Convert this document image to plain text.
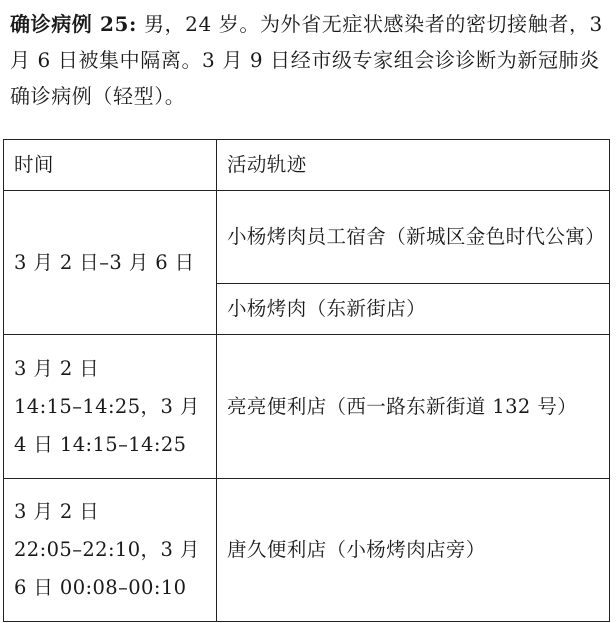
确诊病例 25: 男，24 岁。为外省无症状感染者的密切接触者，3 月 6 日被集中隔离。3 月 9 日经市级专家组会诊诊断为新冠肺炎确诊病例（轻型）。
时间	活动轨迹

3 月 2 日–3 月 6 日	小杨烤肉员工宿舍（新城区金色时代公寓）
	小杨烤肉（东新街店）

3 月 2 日
14:15–14:25，3 月
4 日 14:15–14:25	亮亮便利店（西一路东新街道 132 号）

3 月 2 日
22:05–22:10，3 月
6 日 00:08–00:10	唐久便利店（小杨烤肉店旁）
